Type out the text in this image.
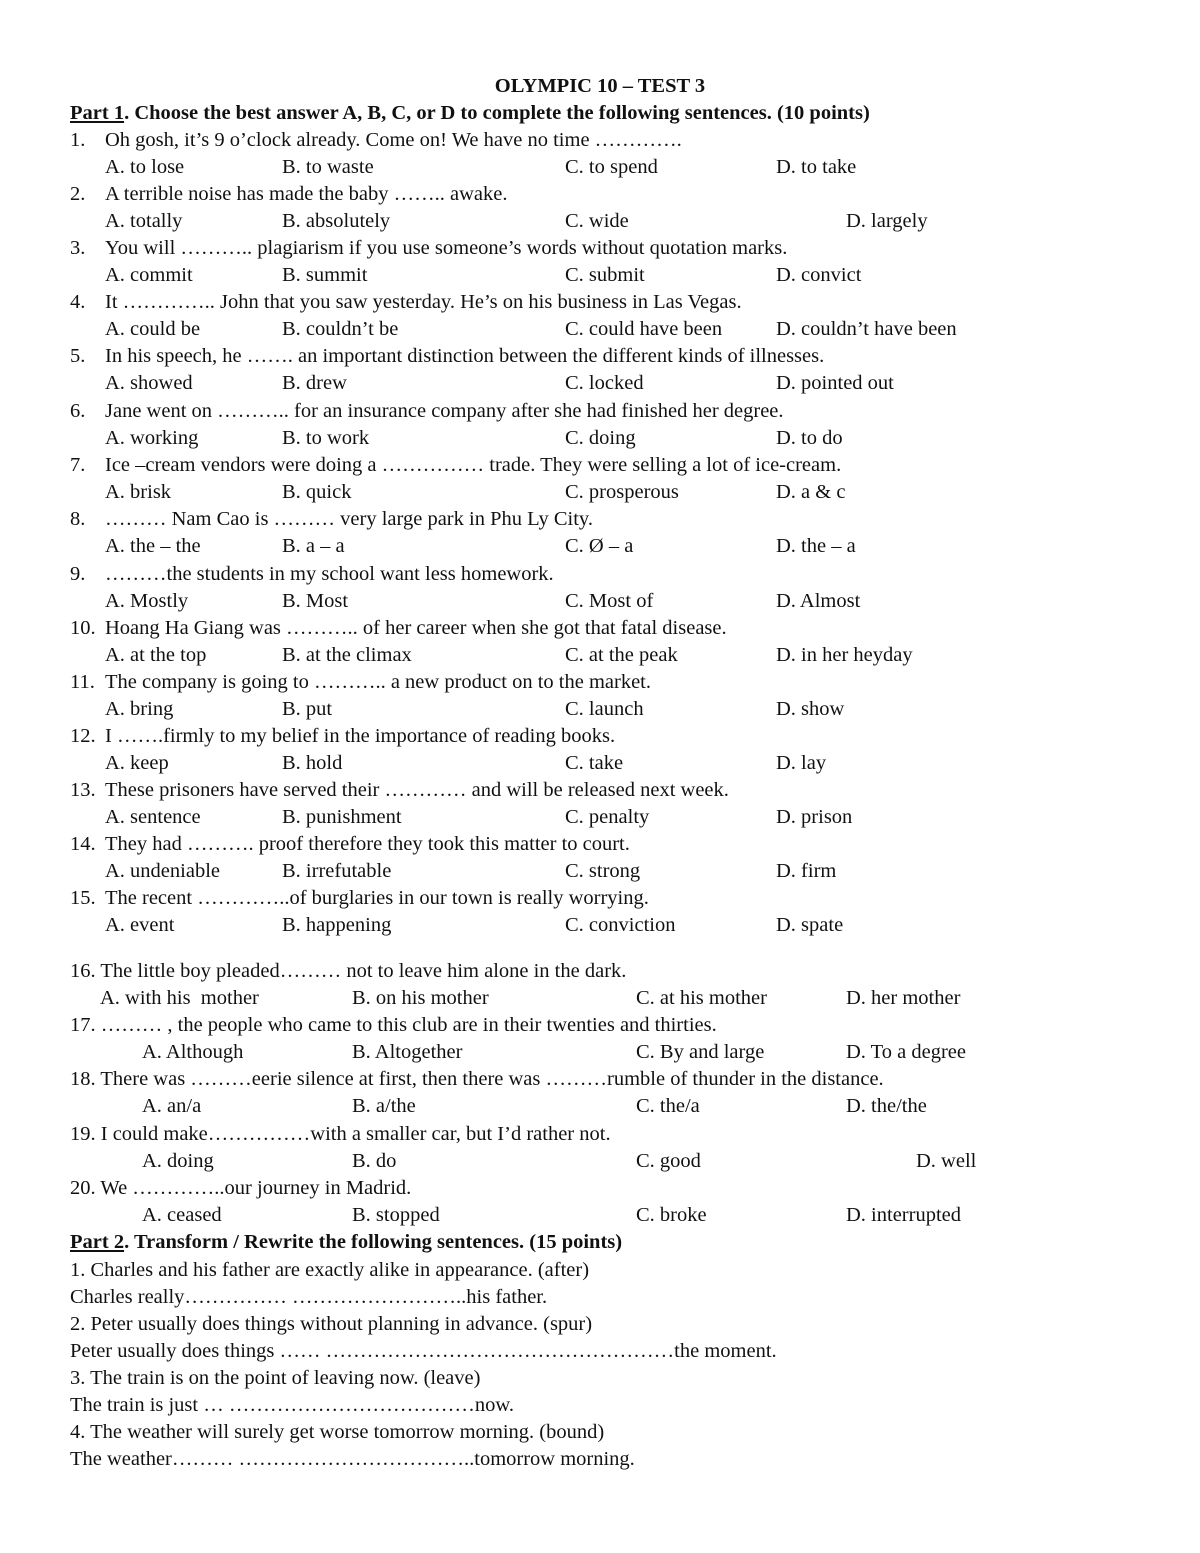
OLYMPIC 10 – TEST 3
Part 1. Choose the best answer A, B, C, or D to complete the following sentences. (10 points)
1. Oh gosh, it’s 9 o’clock already. Come on! We have no time ………….
A. to lose	B. to waste	C. to spend	D. to take
2. A terrible noise has made the baby …….. awake.
A. totally	B. absolutely	C. wide	D. largely
3. You will ……….. plagiarism if you use someone’s words without quotation marks.
A. commit	B. summit	C. submit	D. convict
4. It ………….. John that you saw yesterday. He’s on his business in Las Vegas.
A. could be	B. couldn’t be	C. could have been	D. couldn’t have been
5. In his speech, he ……. an important distinction between the different kinds of illnesses.
A. showed	B. drew	C. locked	D. pointed out
6. Jane went on ……….. for an insurance company after she had finished her degree.
A. working	B. to work	C. doing	D. to do
7. Ice –cream vendors were doing a …………… trade. They were selling a lot of ice-cream.
A. brisk	B. quick	C. prosperous	D. a & c
8. ……… Nam Cao is ……… very large park in Phu Ly City.
A. the – the	B. a – a	C. Ø – a	D. the – a
9. ………the students in my school want less homework.
A. Mostly	B. Most	C. Most of	D. Almost
10. Hoang Ha Giang was ……….. of her career when she got that fatal disease.
A. at the top	B. at the climax	C. at the peak	D. in her heyday
11. The company is going to ……….. a new product on to the market.
A. bring	B. put	C. launch	D. show
12. I …….firmly to my belief in the importance of reading books.
A. keep	B. hold	C. take	D. lay
13. These prisoners have served their ………… and will be released next week.
A. sentence	B. punishment	C. penalty	D. prison
14. They had ………. proof therefore they took this matter to court.
A. undeniable	B. irrefutable	C. strong	D. firm
15. The recent …………..of burglaries in our town is really worrying.
A. event	B. happening	C. conviction	D. spate
16. The little boy pleaded……… not to leave him alone in the dark.
A. with his  mother	B. on his mother	C. at his mother	D. her mother
17. ……… , the people who came to this club are in their twenties and thirties.
A. Although	B. Altogether	C. By and large	D. To a degree
18. There was ………eerie silence at first, then there was ………rumble of thunder in the distance.
A. an/a	B. a/the	C. the/a	D. the/the
19. I could make……………with a smaller car, but I’d rather not.
A. doing	B. do	C. good	D. well
20. We …………..our journey in Madrid.
A. ceased	B. stopped	C. broke	D. interrupted
Part 2. Transform / Rewrite the following sentences. (15 points)
1. Charles and his father are exactly alike in appearance. (after)
Charles really…………… ……………………..his father.
2. Peter usually does things without planning in advance. (spur)
Peter usually does things …… ……………………………………………the moment.
3. The train is on the point of leaving now. (leave)
The train is just … ………………………………now.
4. The weather will surely get worse tomorrow morning. (bound)
The weather……… ……………………………..tomorrow morning.
